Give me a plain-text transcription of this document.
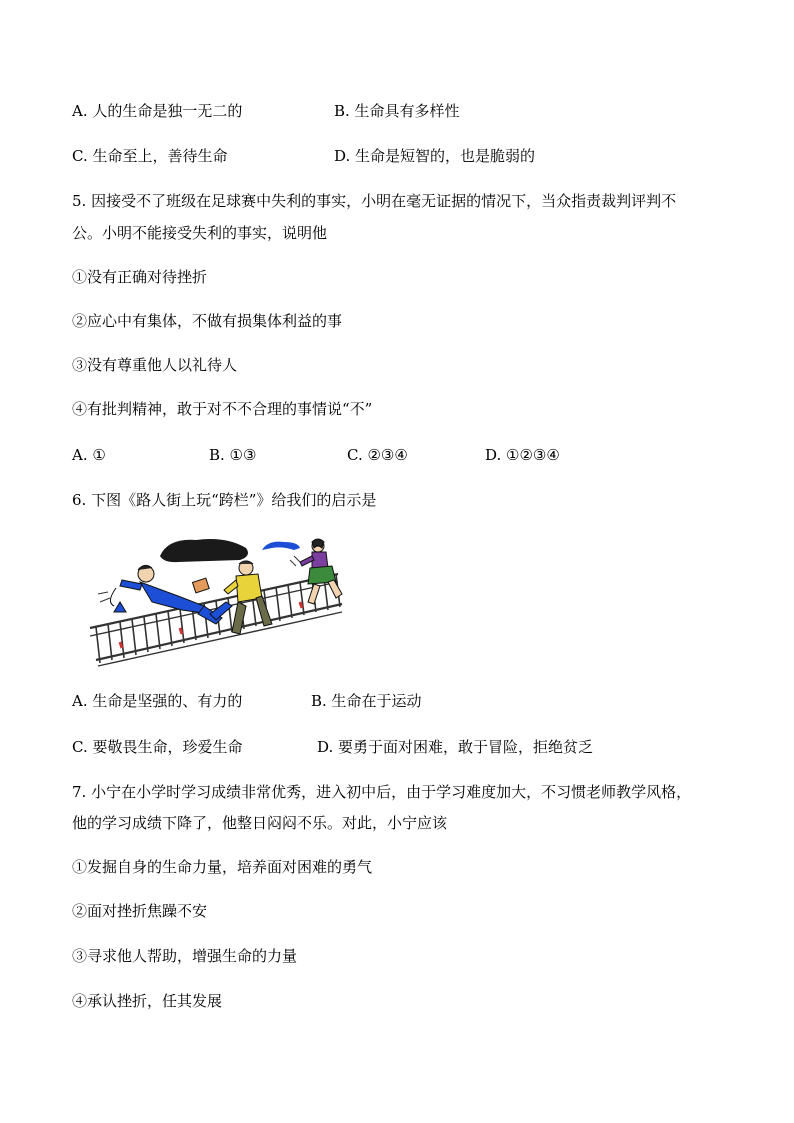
A. 人的生命是独一无二的	B. 生命具有多样性
C. 生命至上，善待生命	D. 生命是短智的，也是脆弱的
5. 因接受不了班级在足球赛中失利的事实，小明在毫无证据的情况下，当众指责裁判评判不
公。小明不能接受失利的事实，说明他
①没有正确对待挫折
②应心中有集体，不做有损集体利益的事
③没有尊重他人以礼待人
④有批判精神，敢于对不不合理的事情说“不”
A. ①	B. ①③	C. ②③④	D. ①②③④
6. 下图《路人街上玩“跨栏”》给我们的启示是
A. 生命是坚强的、有力的	B. 生命在于运动
C. 要敬畏生命，珍爱生命	D. 要勇于面对困难，敢于冒险，拒绝贫乏
7. 小宁在小学时学习成绩非常优秀，进入初中后，由于学习难度加大，不习惯老师教学风格，
他的学习成绩下降了，他整日闷闷不乐。对此，小宁应该
①发掘自身的生命力量，培养面对困难的勇气
②面对挫折焦躁不安
③寻求他人帮助，增强生命的力量
④承认挫折，任其发展
